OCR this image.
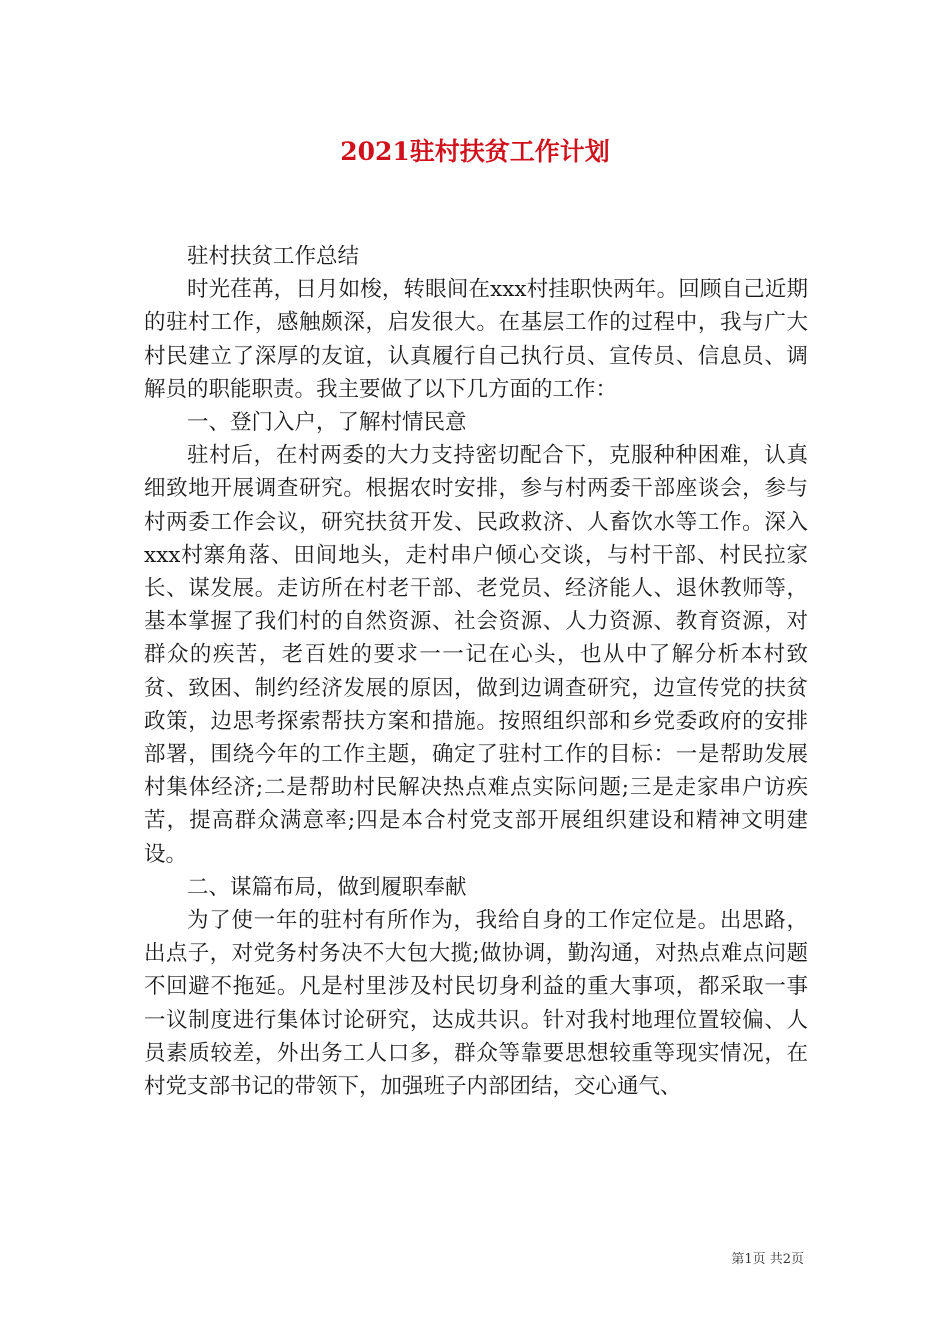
2021驻村扶贫工作计划

驻村扶贫工作总结

时光荏苒，日月如梭，转眼间在xxx村挂职快两年。回顾自己近期的驻村工作，感触颇深，启发很大。在基层工作的过程中，我与广大村民建立了深厚的友谊，认真履行自己执行员、宣传员、信息员、调解员的职能职责。我主要做了以下几方面的工作：

一、登门入户，了解村情民意

驻村后，在村两委的大力支持密切配合下，克服种种困难，认真细致地开展调查研究。根据农时安排，参与村两委干部座谈会，参与村两委工作会议，研究扶贫开发、民政救济、人畜饮水等工作。深入xxx村寨角落、田间地头，走村串户倾心交谈，与村干部、村民拉家长、谋发展。走访所在村老干部、老党员、经济能人、退休教师等，基本掌握了我们村的自然资源、社会资源、人力资源、教育资源，对群众的疾苦，老百姓的要求一一记在心头，也从中了解分析本村致贫、致困、制约经济发展的原因，做到边调查研究，边宣传党的扶贫政策，边思考探索帮扶方案和措施。按照组织部和乡党委政府的安排部署，围绕今年的工作主题，确定了驻村工作的目标：一是帮助发展村集体经济;二是帮助村民解决热点难点实际问题;三是走家串户访疾苦，提高群众满意率;四是本合村党支部开展组织建设和精神文明建设。

二、谋篇布局，做到履职奉献

为了使一年的驻村有所作为，我给自身的工作定位是。出思路，出点子，对党务村务决不大包大揽;做协调，勤沟通，对热点难点问题不回避不拖延。凡是村里涉及村民切身利益的重大事项，都采取一事一议制度进行集体讨论研究，达成共识。针对我村地理位置较偏、人员素质较差，外出务工人口多，群众等靠要思想较重等现实情况，在村党支部书记的带领下，加强班子内部团结，交心通气、

第1页 共2页
